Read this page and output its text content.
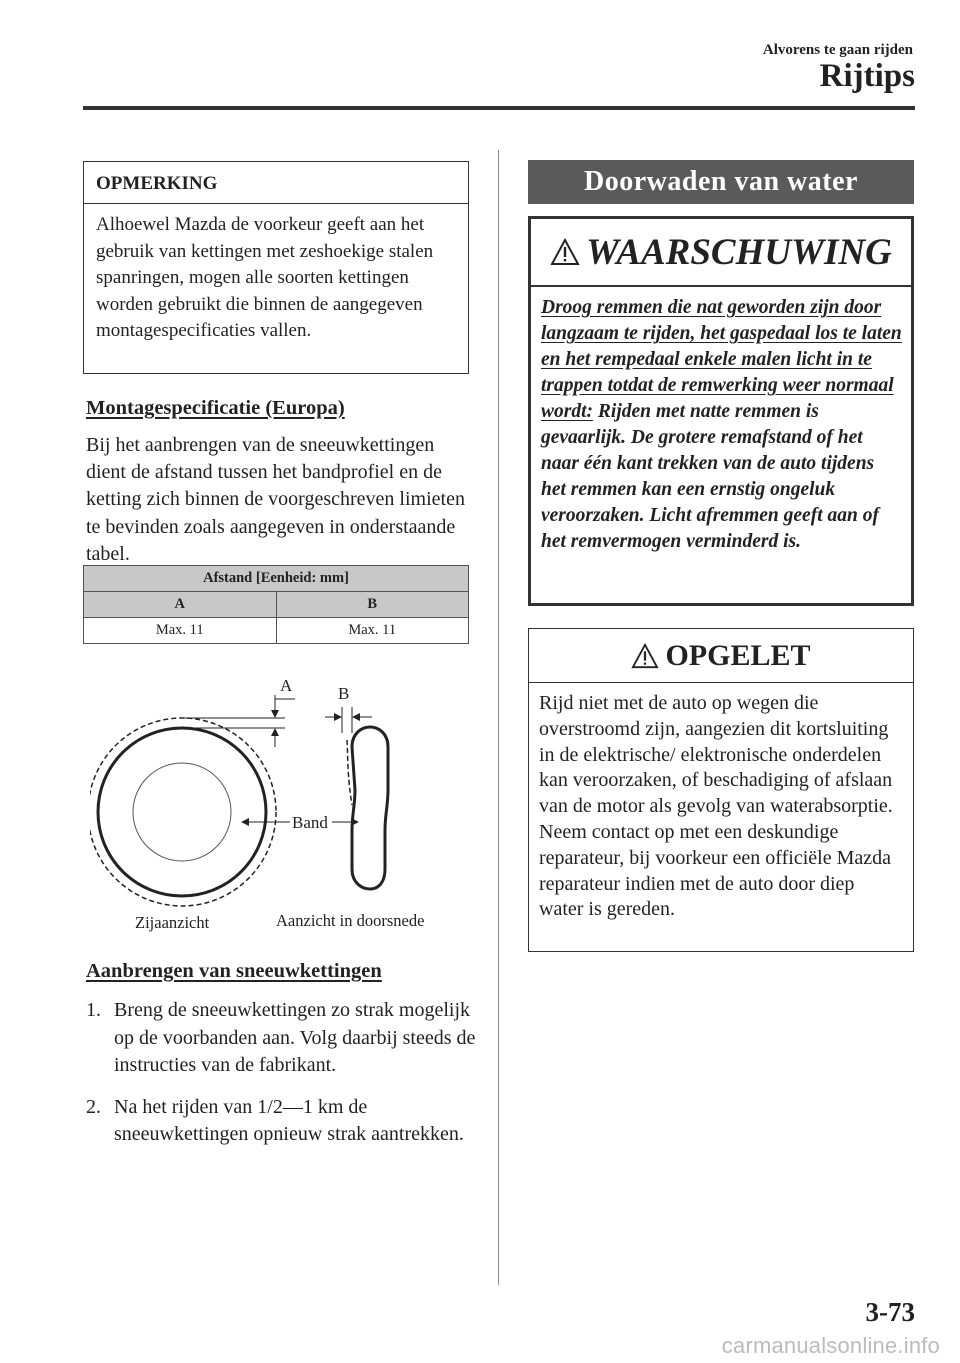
Alvorens te gaan rijden
Rijtips
OPMERKING
Alhoewel Mazda de voorkeur geeft aan het gebruik van kettingen met zeshoekige stalen spanringen, mogen alle soorten kettingen worden gebruikt die binnen de aangegeven montagespecificaties vallen.
Montagespecificatie (Europa)
Bij het aanbrengen van de sneeuwkettingen dient de afstand tussen het bandprofiel en de ketting zich binnen de voorgeschreven limieten te bevinden zoals aangegeven in onderstaande tabel.
Afstand [Eenheid: mm]	
A	B
Max. 11	Max. 11
A
Band
B
Zijaanzicht	Aanzicht in doorsnede
Aanbrengen van sneeuwkettingen
1. Breng de sneeuwkettingen zo strak mogelijk op de voorbanden aan. Volg daarbij steeds de instructies van de fabrikant.
2. Na het rijden van 1/2―1 km de sneeuwkettingen opnieuw strak aantrekken.
Doorwaden van water
WAARSCHUWING
Droog remmen die nat geworden zijn door langzaam te rijden, het gaspedaal los te laten en het rempedaal enkele malen licht in te trappen totdat de remwerking weer normaal wordt: Rijden met natte remmen is gevaarlijk. De grotere remafstand of het naar één kant trekken van de auto tijdens het remmen kan een ernstig ongeluk veroorzaken. Licht afremmen geeft aan of het remvermogen verminderd is.
OPGELET
Rijd niet met de auto op wegen die overstroomd zijn, aangezien dit kortsluiting in de elektrische/ elektronische onderdelen kan veroorzaken, of beschadiging of afslaan van de motor als gevolg van waterabsorptie. Neem contact op met een deskundige reparateur, bij voorkeur een officiële Mazda reparateur indien met de auto door diep water is gereden.
3-73
carmanualsonline.info
